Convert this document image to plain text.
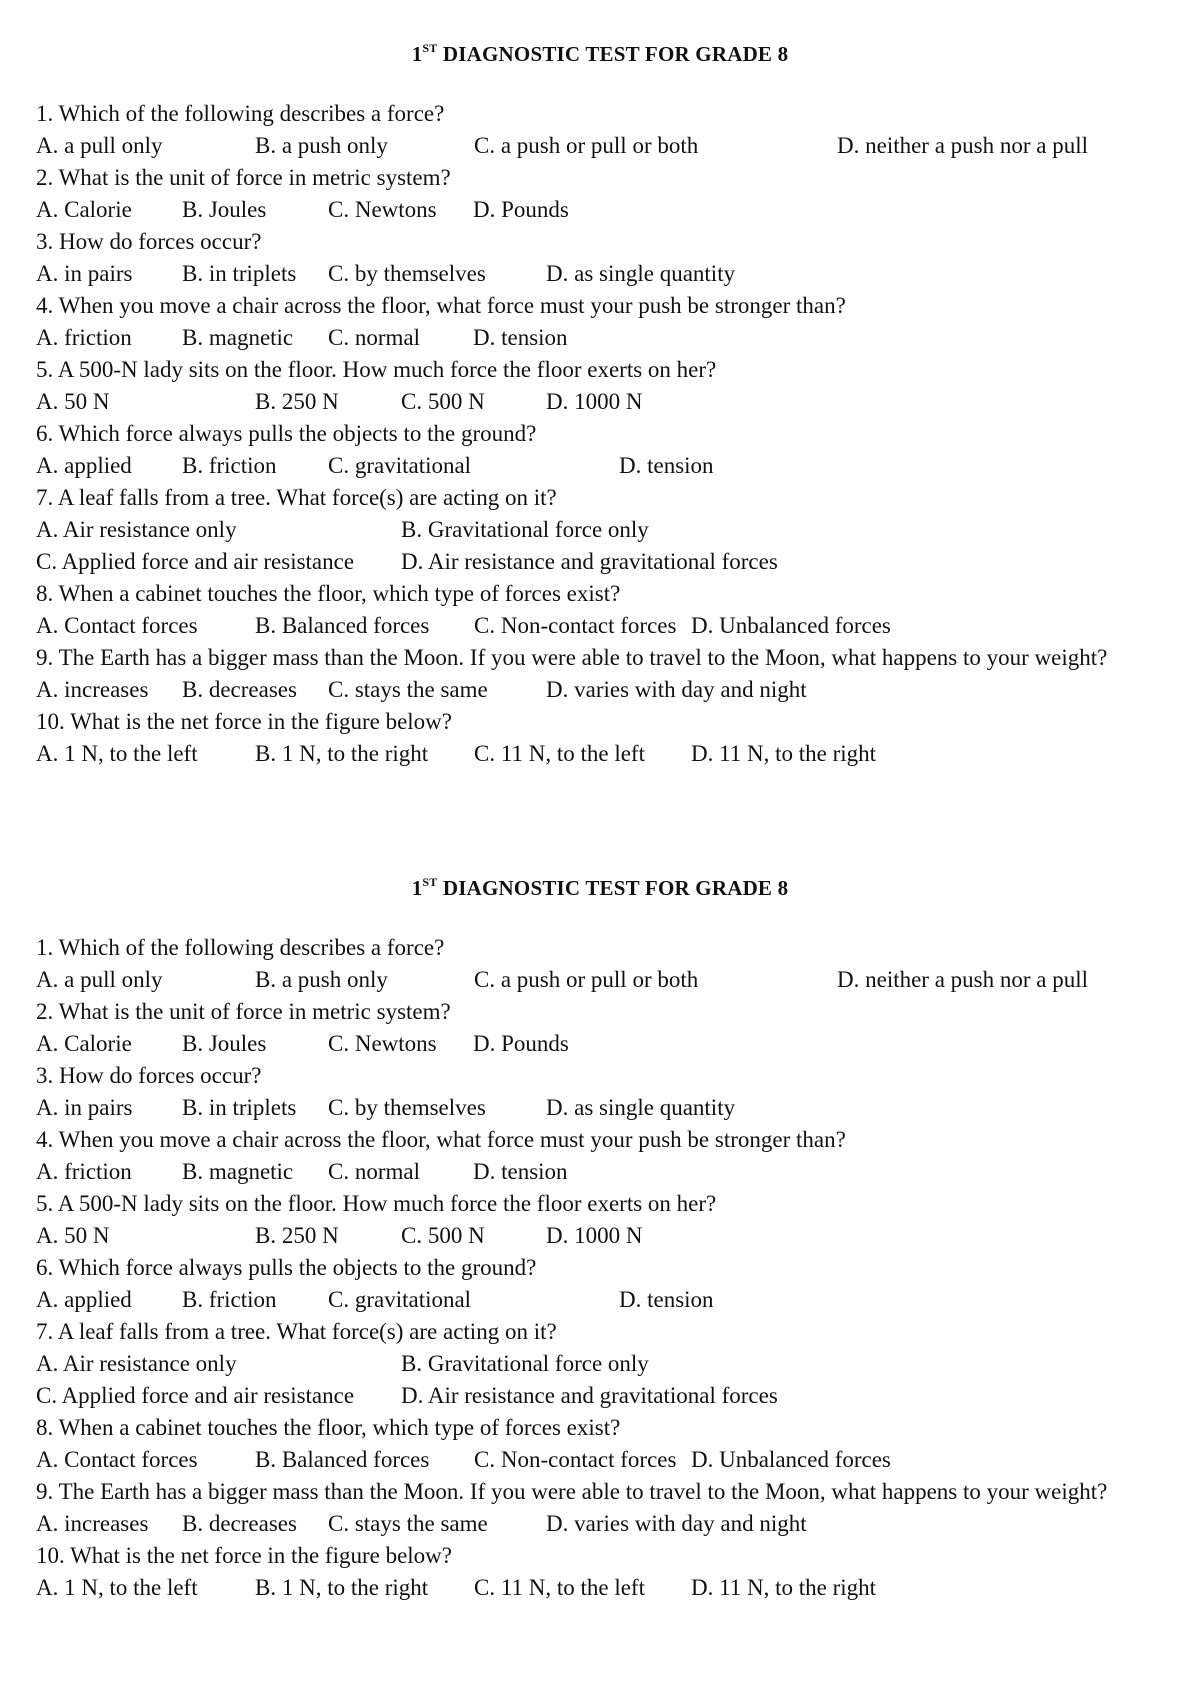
1ST DIAGNOSTIC TEST FOR GRADE 8
1. Which of the following describes a force?
A. a pull only	B. a push only	C. a push or pull or both	D. neither a push nor a pull
2. What is the unit of force in metric system?
A. Calorie B. Joules	C. Newtons D. Pounds
3. How do forces occur?
A. in pairs B. in triplets C. by themselves	D. as single quantity
4. When you move a chair across the floor, what force must your push be stronger than?
A. friction B. magnetic C. normal D. tension
5. A 500-N lady sits on the floor. How much force the floor exerts on her?
A. 50 N	B. 250 N	C. 500 N	D. 1000 N
6. Which force always pulls the objects to the ground?
A. applied B. friction C. gravitational	D. tension
7. A leaf falls from a tree. What force(s) are acting on it?
A. Air resistance only	B. Gravitational force only
C. Applied force and air resistance D. Air resistance and gravitational forces
8. When a cabinet touches the floor, which type of forces exist?
A. Contact forces B. Balanced forces C. Non-contact forces D. Unbalanced forces
9. The Earth has a bigger mass than the Moon. If you were able to travel to the Moon, what happens to your weight?
A. increases B. decreases C. stays the same	D. varies with day and night
10. What is the net force in the figure below?
A. 1 N, to the left B. 1 N, to the right C. 11 N, to the left D. 11 N, to the right
1ST DIAGNOSTIC TEST FOR GRADE 8
1. Which of the following describes a force?
A. a pull only	B. a push only	C. a push or pull or both	D. neither a push nor a pull
2. What is the unit of force in metric system?
A. Calorie B. Joules	C. Newtons D. Pounds
3. How do forces occur?
A. in pairs B. in triplets C. by themselves	D. as single quantity
4. When you move a chair across the floor, what force must your push be stronger than?
A. friction B. magnetic C. normal D. tension
5. A 500-N lady sits on the floor. How much force the floor exerts on her?
A. 50 N	B. 250 N	C. 500 N	D. 1000 N
6. Which force always pulls the objects to the ground?
A. applied B. friction C. gravitational	D. tension
7. A leaf falls from a tree. What force(s) are acting on it?
A. Air resistance only	B. Gravitational force only
C. Applied force and air resistance D. Air resistance and gravitational forces
8. When a cabinet touches the floor, which type of forces exist?
A. Contact forces B. Balanced forces C. Non-contact forces D. Unbalanced forces
9. The Earth has a bigger mass than the Moon. If you were able to travel to the Moon, what happens to your weight?
A. increases B. decreases C. stays the same	D. varies with day and night
10. What is the net force in the figure below?
A. 1 N, to the left B. 1 N, to the right C. 11 N, to the left D. 11 N, to the right
